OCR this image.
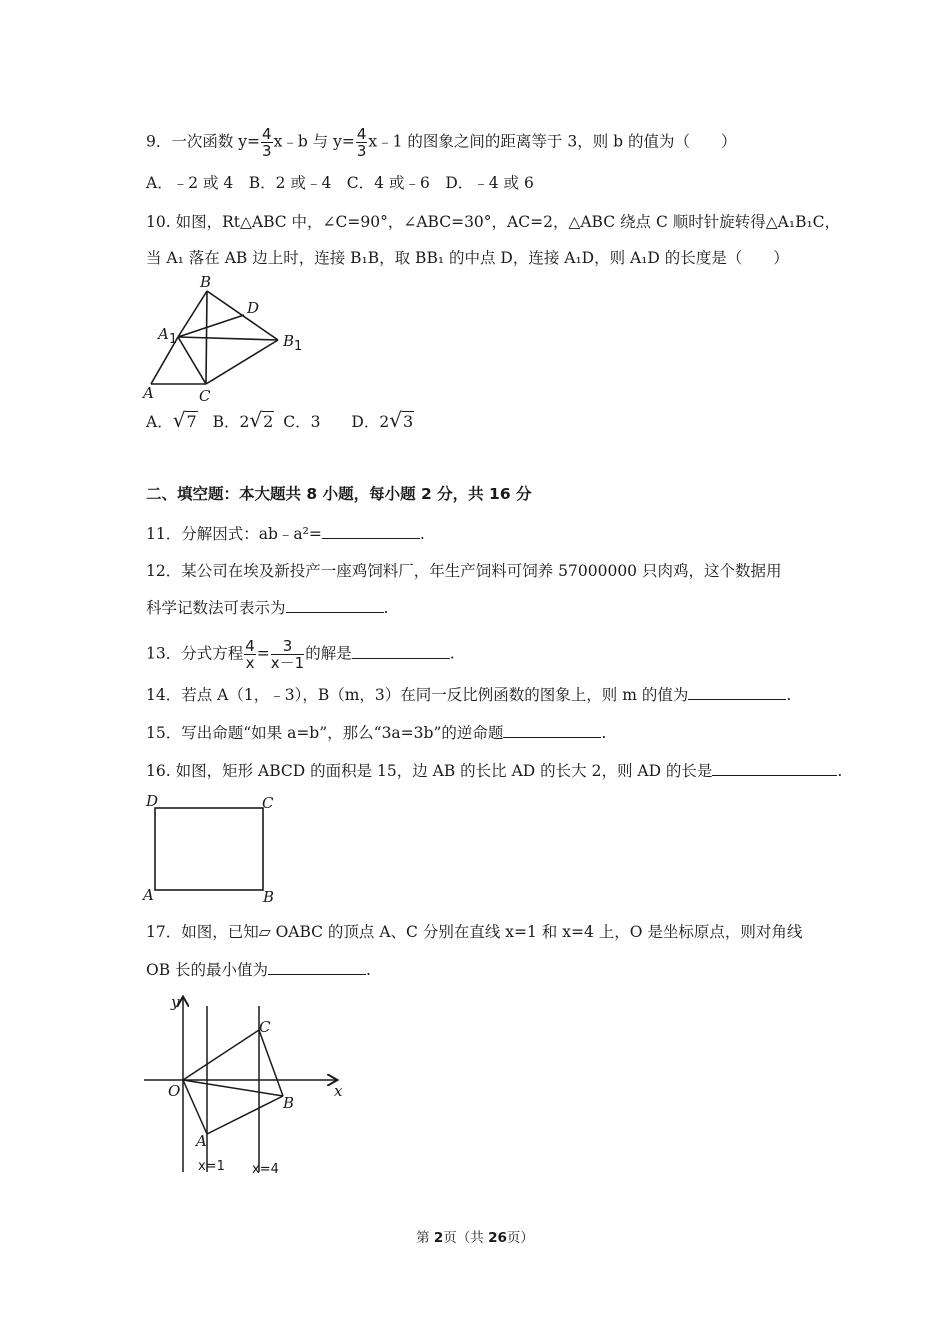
9．一次函数 $y= \frac{4}{3}$ x﹣b 与 $y= \frac{4}{3}$ x﹣1 的图象之间的距离等于 3，则 b 的值为（　　）
A．﹣2 或 4　B．2 或﹣4　C．4 或﹣6　D．﹣4 或 6
10. 如图，Rt△ABC 中，∠C=90°，∠ABC=30°，AC=2，△ABC 绕点 C 顺时针旋转得△A₁B₁C，
当 A₁ 落在 AB 边上时，连接 B₁B，取 BB₁ 的中点 D，连接 A₁D，则 A₁D 的长度是（　　）
B
D
A 1	B 1
A	C
A．√7 B．2√2 C．3 D．2√3
二、填空题：本大题共 8 小题，每小题 2 分，共 16 分
11．分解因式：ab﹣a²=	.
12．某公司在埃及新投产一座鸡饲料厂，年生产饲料可饲养 57000000 只肉鸡，这个数据用
科学记数法可表示为	.
13．分式方程 $\frac{4}{x} = \frac{3}{x-1}$ 的解是	.
14．若点 A（1，﹣3），B（m，3）在同一反比例函数的图象上，则 m 的值为	.
15．写出命题“如果 a=b”，那么“3a=3b”的逆命题	.
16. 如图，矩形 ABCD 的面积是 15，边 AB 的长比 AD 的长大 2，则 AD 的长是	.
D	C
A	B
17．如图，已知▱ OABC 的顶点 A、C 分别在直线 x=1 和 x=4 上，O 是坐标原点，则对角线
OB 长的最小值为	.
y
x
O
C
B
A
x=1 x=4
第 2页（共 26页）
